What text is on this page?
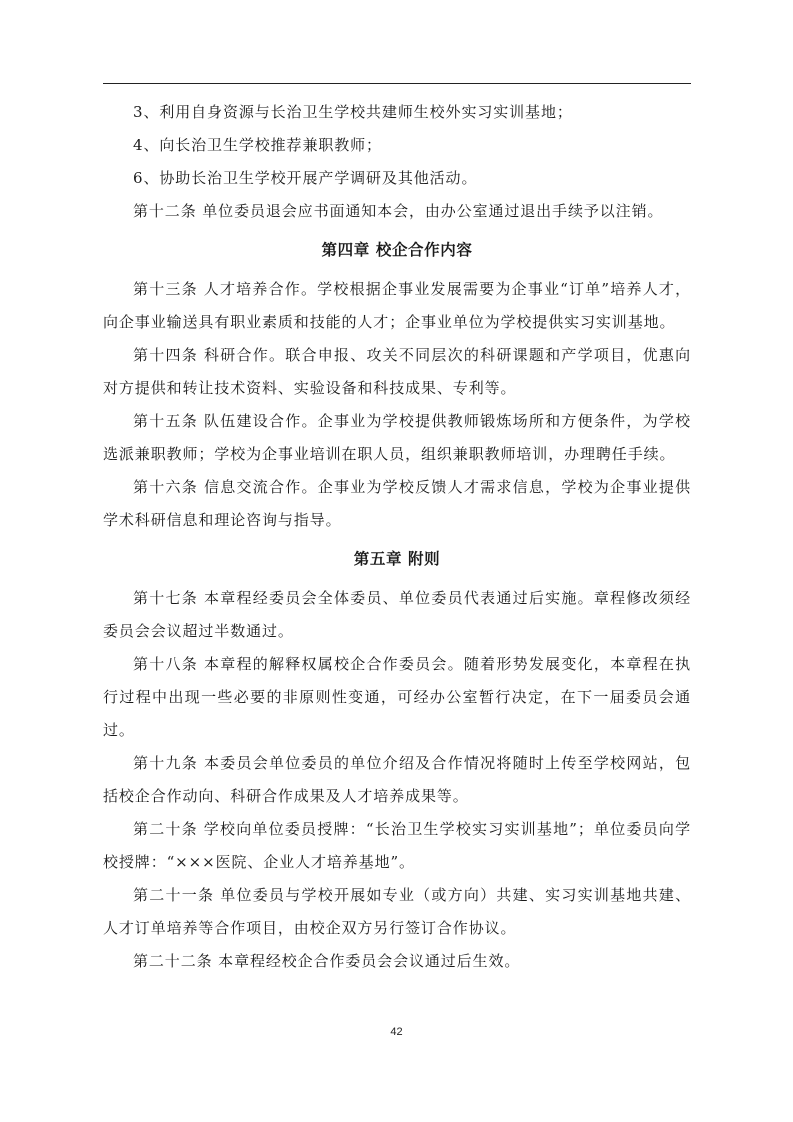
3、利用自身资源与长治卫生学校共建师生校外实习实训基地；

4、向长治卫生学校推荐兼职教师；

6、协助长治卫生学校开展产学调研及其他活动。

第十二条 单位委员退会应书面通知本会，由办公室通过退出手续予以注销。

第四章 校企合作内容

第十三条 人才培养合作。学校根据企事业发展需要为企事业“订单”培养人才，向企事业输送具有职业素质和技能的人才；企事业单位为学校提供实习实训基地。

第十四条 科研合作。联合申报、攻关不同层次的科研课题和产学项目，优惠向对方提供和转让技术资料、实验设备和科技成果、专利等。

第十五条 队伍建设合作。企事业为学校提供教师锻炼场所和方便条件，为学校选派兼职教师；学校为企事业培训在职人员，组织兼职教师培训，办理聘任手续。

第十六条 信息交流合作。企事业为学校反馈人才需求信息，学校为企事业提供学术科研信息和理论咨询与指导。

第五章 附则

第十七条 本章程经委员会全体委员、单位委员代表通过后实施。章程修改须经委员会会议超过半数通过。

第十八条 本章程的解释权属校企合作委员会。随着形势发展变化，本章程在执行过程中出现一些必要的非原则性变通，可经办公室暂行决定，在下一届委员会通过。

第十九条 本委员会单位委员的单位介绍及合作情况将随时上传至学校网站，包括校企合作动向、科研合作成果及人才培养成果等。

第二十条 学校向单位委员授牌：“长治卫生学校实习实训基地”；单位委员向学校授牌：“×××医院、企业人才培养基地”。

第二十一条 单位委员与学校开展如专业（或方向）共建、实习实训基地共建、人才订单培养等合作项目，由校企双方另行签订合作协议。

第二十二条 本章程经校企合作委员会会议通过后生效。

42
